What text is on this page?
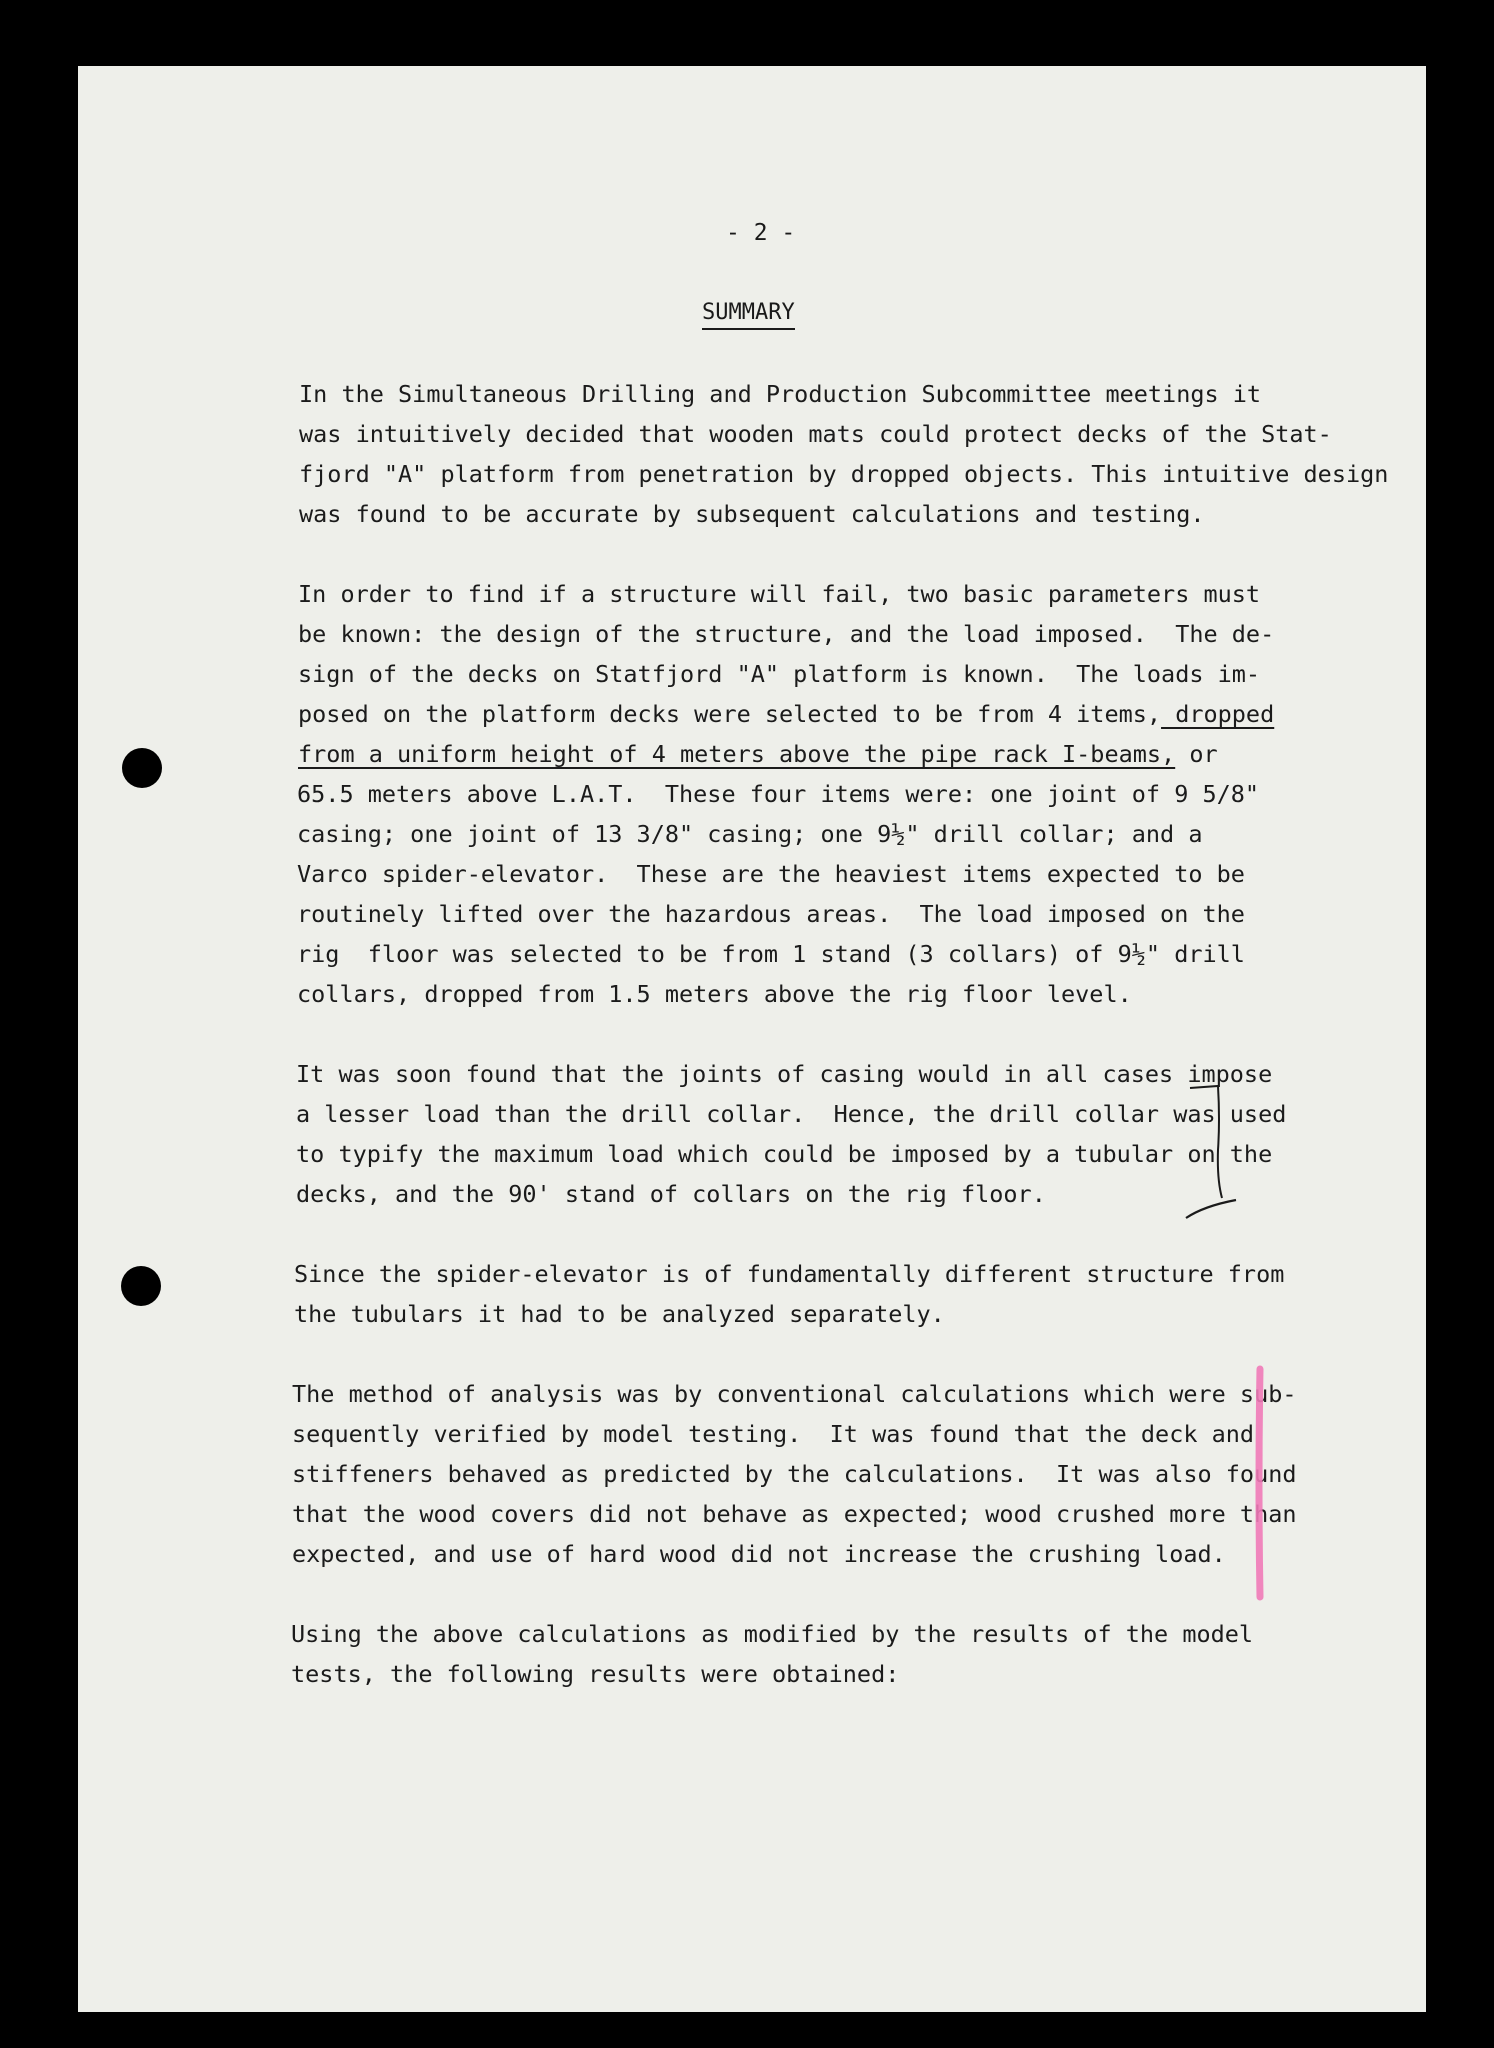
- 2 -
SUMMARY
In the Simultaneous Drilling and Production Subcommittee meetings it
was intuitively decided that wooden mats could protect decks of the Stat-
fjord "A" platform from penetration by dropped objects. This intuitive design
was found to be accurate by subsequent calculations and testing.
In order to find if a structure will fail, two basic parameters must
be known: the design of the structure, and the load imposed.  The de-
sign of the decks on Statfjord "A" platform is known.  The loads im-
posed on the platform decks were selected to be from 4 items, dropped
from a uniform height of 4 meters above the pipe rack I-beams, or
65.5 meters above L.A.T.  These four items were: one joint of 9 5/8"
casing; one joint of 13 3/8" casing; one 9½" drill collar; and a
Varco spider-elevator.  These are the heaviest items expected to be
routinely lifted over the hazardous areas.  The load imposed on the
rig  floor was selected to be from 1 stand (3 collars) of 9½" drill
collars, dropped from 1.5 meters above the rig floor level.
It was soon found that the joints of casing would in all cases impose
a lesser load than the drill collar.  Hence, the drill collar was used
to typify the maximum load which could be imposed by a tubular on the
decks, and the 90' stand of collars on the rig floor.
Since the spider-elevator is of fundamentally different structure from
the tubulars it had to be analyzed separately.
The method of analysis was by conventional calculations which were sub-
sequently verified by model testing.  It was found that the deck and
stiffeners behaved as predicted by the calculations.  It was also found
that the wood covers did not behave as expected; wood crushed more than
expected, and use of hard wood did not increase the crushing load.
Using the above calculations as modified by the results of the model
tests, the following results were obtained:
